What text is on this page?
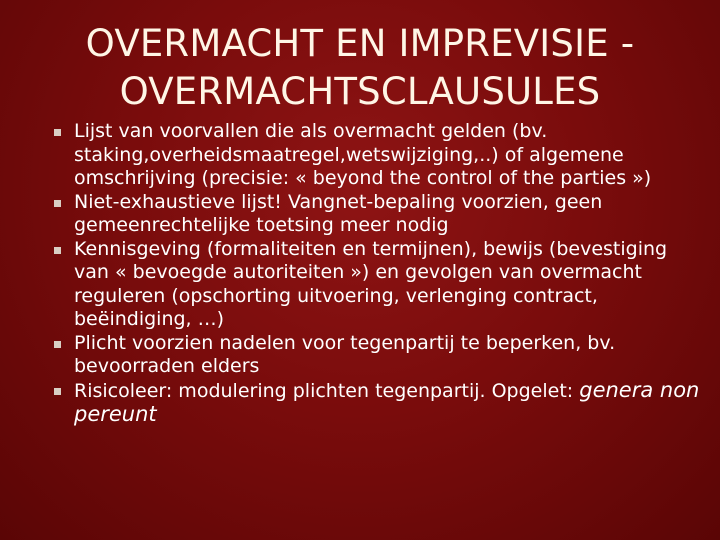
OVERMACHT EN IMPREVISIE -
OVERMACHTSCLAUSULES
Lijst van voorvallen die als overmacht gelden (bv. staking,overheidsmaatregel,wetswijziging,..) of algemene omschrijving (precisie: « beyond the control of the parties »)
Niet-exhaustieve lijst! Vangnet-bepaling voorzien, geen gemeenrechtelijke toetsing meer nodig
Kennisgeving (formaliteiten en termijnen), bewijs (bevestiging van « bevoegde autoriteiten ») en gevolgen van overmacht reguleren (opschorting uitvoering, verlenging contract, beëindiging, …)
Plicht voorzien nadelen voor tegenpartij te beperken, bv. bevoorraden elders
Risicoleer: modulering plichten tegenpartij. Opgelet: genera non pereunt
